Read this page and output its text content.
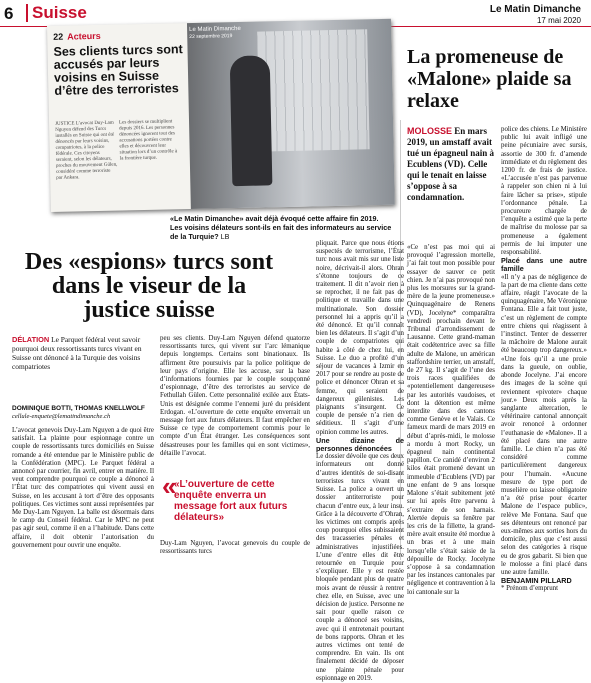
6	Suisse	Le Matin Dimanche
17 mai 2020
22 Acteurs
Ses clients turcs sont accusés par leurs voisins en Suisse d’être des terroristes
JUSTICE L’avocat Duy-Lam Nguyen défend des Turcs installés en Suisse qui ont été dénoncés par leurs voisins, compatriotes, à la police fédérale. Ces citoyens seraient, selon les délateurs, proches du mouvement Gülen, considéré comme terroriste par Ankara.
Les dossiers se multiplient depuis 2016. Les personnes dénoncées ignorent tout des accusations portées contre elles et découvrent leur situation lors d’un contrôle à la frontière turque.
Le Matin Dimanche
22 septembre 2019
«Le Matin Dimanche» avait déjà évoqué cette affaire fin 2019. Les voisins délateurs sont-ils en fait des informateurs au service de la Turquie? LB
La promeneuse de «Malone» plaide sa relaxe
MOLOSSE En mars 2019, un amstaff avait tué un épagneul nain à Ecublens (VD). Celle qui le tenait en laisse s’oppose à sa condamnation.
«Ce n’est pas moi qui ai provoqué l’agression mortelle, j’ai fait tout mon possible pour essayer de sauver ce petit chien. Je n’ai pas provoqué non plus les morsures sur la grand-mère de la jeune promeneuse.» Quinquagénaire de Renens (VD), Jocelyne* comparaîtra vendredi prochain devant le Tribunal d’arrondissement de Lausanne. Cette grand-maman était codétentrice avec sa fille adulte de Malone, un américan staffordshire terrier, un amstaff, de 27 kg. Il s’agit de l’une des trois races qualifiées de «potentiellement dangereuses» par les autorités vaudoises, et dont la détention est même interdite dans des cantons comme Genève et le Valais. Ce fameux mardi de mars 2019 en début d’après-midi, le molosse a mordu à mort Rocky, un épagneul nain continental papillon. Ce canidé d’environ 2 kilos était promené devant un immeuble d’Ecublens (VD) par une enfant de 9 ans lorsque Malone s’était subitement jeté sur lui après être parvenu à s’extraire de son harnais. Alertée depuis sa fenêtre par les cris de la fillette, la grand-mère avait ensuite été mordue à un bras et à une main lorsqu’elle s’était saisie de la dépouille de Rocky. Jocelyne s’oppose à sa condamnation par les instances cantonales par négligence et contravention à la loi cantonale sur la

police des chiens. Le Ministère public lui avait infligé une peine pécuniaire avec sursis, assortie de 300 fr. d’amende immédiate et du règlement des 1200 fr. de frais de justice. «L’accusée n’est pas parvenue à rappeler son chien ni à lui faire lâcher sa prise», stipule l’ordonnance pénale. La procureure chargée de l’enquête a estimé que la perte de maîtrise du molosse par sa promeneuse a également permis de lui imputer une responsabilité.

Placé dans une autre famille

«Il n’y a pas de négligence de la part de ma cliente dans cette affaire, réagit l’avocate de la quinquagénaire, Me Véronique Fontana. Elle a fait tout juste, c’est un règlement de compte entre chiens qui réagissent à l’instinct. Tenter de desserrer la mâchoire de Malone aurait été beaucoup trop dangereux.» «Une fois qu’il a une proie dans la gueule, on oublie, abonde Jocelyne. J’ai encore des images de la scène qui reviennent «pivoter» chaque jour.» Deux mois après la sanglante altercation, le vétérinaire cantonal annonçait avoir renoncé à ordonner l’euthanasie de «Malone». Il a été placé dans une autre famille. Le chien n’a pas été considéré comme particulièrement dangereux pour l’humain. «Aucune mesure de type port de muselière ou laisse obligatoire n’a été prise pour écarter Malone de l’espace public», relève Me Fontana. Sauf que ses détenteurs ont renoncé par eux-mêmes aux sorties hors du domicile, plus que c’est aussi selon des catégories à risque eu de gros gabarit. Si bien que le molosse a fini placé dans une autre famille.

BENJAMIN PILLARD

* Prénom d’emprunt

Des «espions» turcs sont dans le viseur de la justice suisse
DÉLATION Le Parquet fédéral veut savoir pourquoi deux ressortissants turcs vivant en Suisse ont dénoncé à la Turquie des voisins compatriotes
DOMINIQUE BOTTI, THOMAS KNELLWOLF
cellule-enquete@lematindimanche.ch
L’avocat genevois Duy-Lam Nguyen a de quoi être satisfait. La plainte pour espionnage contre un couple de ressortissants turcs domiciliés en Suisse romande a été entendue par le Ministère public de la Confédération (MPC). Le Parquet fédéral a annoncé par courrier, fin avril, entrer en matière. Il veut comprendre pourquoi ce couple a dénoncé à l’État turc des compatriotes qui vivent aussi en Suisse, en les accusant à tort d’être des opposants politiques. Ces victimes sont aussi représentées par Me Duy-Lam Nguyen. La balle est désormais dans le camp du Conseil fédéral. Car le MPC ne peut pas agir seul, comme il en a l’habitude. Dans cette affaire, il doit obtenir l’autorisation du gouvernement pour ouvrir une enquête.
peu ses clients. Duy-Lam Nguyen défend quatorze ressortissants turcs, qui vivent sur l’arc lémanique depuis longtemps. Certains sont binationaux. Ils affirment être poursuivis par la police politique de leur pays d’origine. Elle les accuse, sur la base d’informations fournies par le couple soupçonné d’espionnage, d’être des terroristes au service de Fethullah Gülen. Cette personnalité exilée aux États-Unis est désignée comme l’ennemi juré du président Erdogan. «L’ouverture de cette enquête enverrait un message fort aux futurs délateurs. Il faut empêcher en Suisse ce type de comportement commis pour le compte d’un État étranger. Les conséquences sont désastreuses pour les familles qui en sont victimes», détaille l’avocat.
«
«L’ouverture de cette enquête enverra un message fort aux futurs délateurs»
Duy-Lam Nguyen, l’avocat genevois du couple de ressortissants turcs

pliquait. Parce que nous étions suspectés de terrorisme, l’État turc nous avait mis sur une liste noire, décrivait-il alors. Ohran s’étonne toujours de ce traitement. Il dit n’avoir rien à se reprocher, il ne fait pas de politique et travaille dans une multinationale. Son dossier personnel lui a appris qu’il a été dénoncé. Et qu’il connaît bien les délateurs. Il s’agit d’un couple de compatriotes qui habite à côté de chez lui, en Suisse. Le duo a profité d’un séjour de vacances à Izmir en 2017 pour se rendre au poste de police et dénoncer Ohran et sa femme, qui seraient de dangereux gülenistes. Les plaignants s’insurgent. Ce couple de pensée n’a rien de séditieux. Il s’agit d’une opinion comme les autres.

Une dizaine de personnes dénoncées

Le dossier dévoile que ces deux informateurs ont donné d’autres identités de soi-disant terroristes turcs vivant en Suisse. La police a ouvert un dossier antiterroriste pour chacun d’entre eux, à leur insu. Grâce à la découverte d’Ohran, les victimes ont compris après coup pourquoi elles subissaient des tracasseries pénales et administratives injustifiées. L’une d’entre elles dit être retournée en Turquie pour s’expliquer. Elle y est restée bloquée pendant plus de quatre mois avant de réussir à rentrer chez elle, en Suisse, avec une décision de justice. Personne ne sait pour quelle raison ce couple a dénoncé ses voisins, avec qui il entretenait pourtant de bons rapports. Ohran et les autres victimes ont tenté de comprendre. En vain. Ils ont finalement décidé de déposer une plainte pénale pour espionnage en 2019.
